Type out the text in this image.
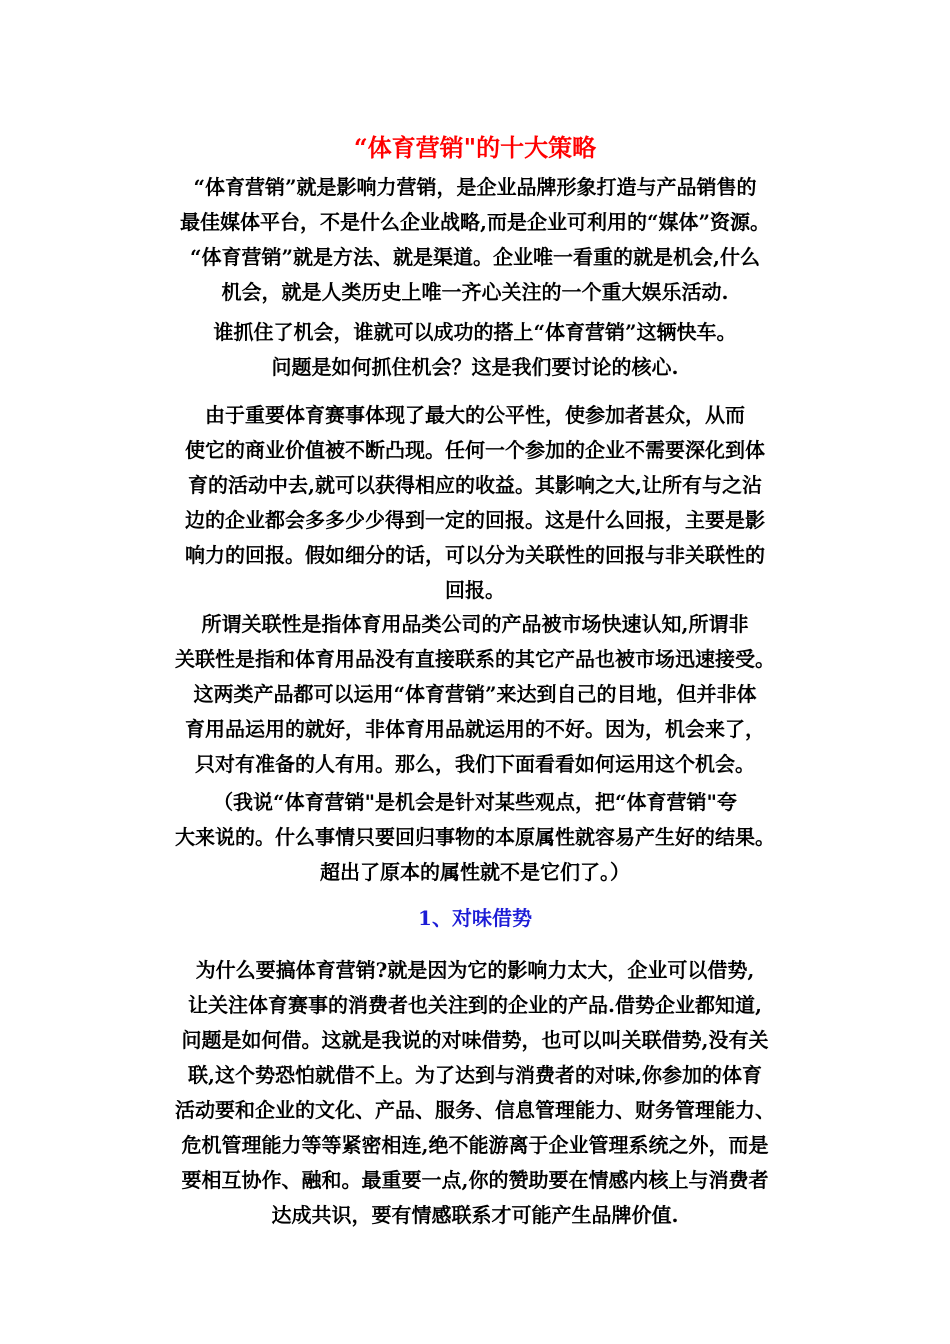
“体育营销"的十大策略
“体育营销”就是影响力营销，是企业品牌形象打造与产品销售的
最佳媒体平台，不是什么企业战略,而是企业可利用的“媒体”资源。
“体育营销”就是方法、就是渠道。企业唯一看重的就是机会,什么
机会，就是人类历史上唯一齐心关注的一个重大娱乐活动.
谁抓住了机会，谁就可以成功的搭上“体育营销”这辆快车。
问题是如何抓住机会？这是我们要讨论的核心.
由于重要体育赛事体现了最大的公平性，使参加者甚众，从而
使它的商业价值被不断凸现。任何一个参加的企业不需要深化到体
育的活动中去,就可以获得相应的收益。其影响之大,让所有与之沾
边的企业都会多多少少得到一定的回报。这是什么回报，主要是影
响力的回报。假如细分的话，可以分为关联性的回报与非关联性的
回报。
所谓关联性是指体育用品类公司的产品被市场快速认知,所谓非
关联性是指和体育用品没有直接联系的其它产品也被市场迅速接受。
这两类产品都可以运用“体育营销”来达到自己的目地，但并非体
育用品运用的就好，非体育用品就运用的不好。因为，机会来了，
只对有准备的人有用。那么，我们下面看看如何运用这个机会。
（我说“体育营销"是机会是针对某些观点，把“体育营销"夸
大来说的。什么事情只要回归事物的本原属性就容易产生好的结果。
超出了原本的属性就不是它们了。）
1、对味借势
为什么要搞体育营销?就是因为它的影响力太大，企业可以借势,
让关注体育赛事的消费者也关注到的企业的产品.借势企业都知道,
问题是如何借。这就是我说的对味借势，也可以叫关联借势,没有关
联,这个势恐怕就借不上。为了达到与消费者的对味,你参加的体育
活动要和企业的文化、产品、服务、信息管理能力、财务管理能力、
危机管理能力等等紧密相连,绝不能游离于企业管理系统之外，而是
要相互协作、融和。最重要一点,你的赞助要在情感内核上与消费者
达成共识，要有情感联系才可能产生品牌价值.
